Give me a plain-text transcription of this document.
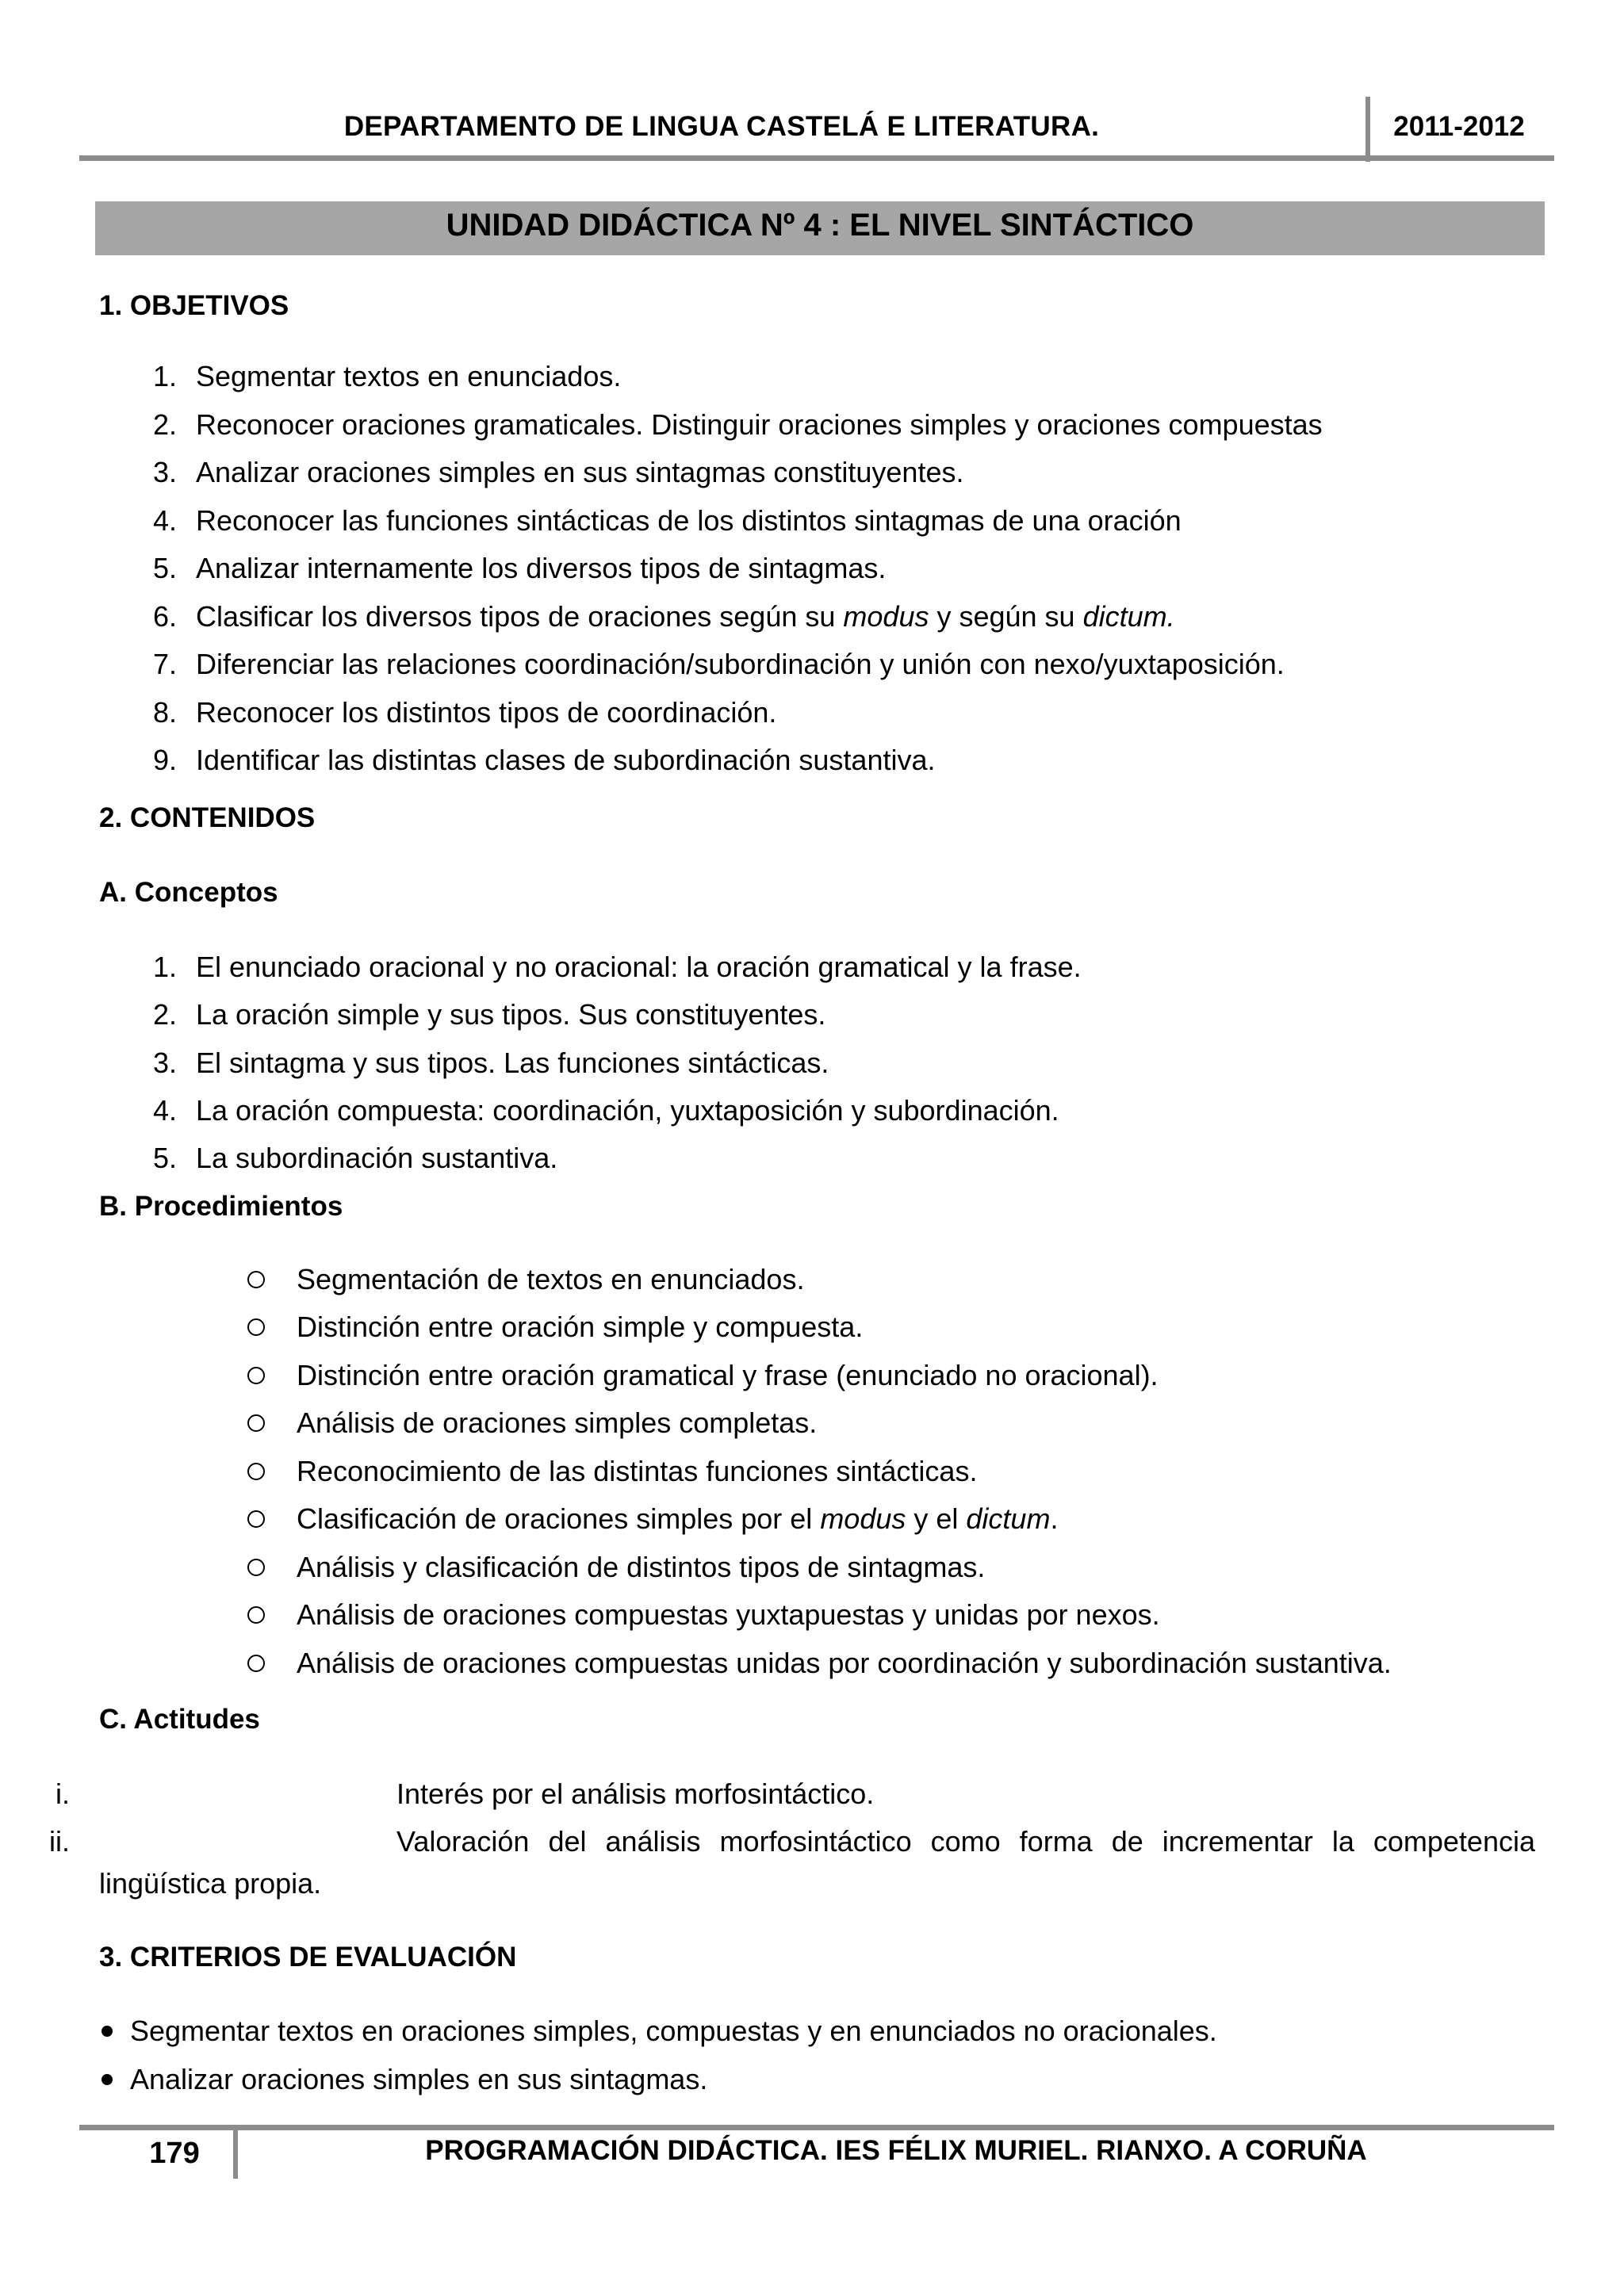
DEPARTAMENTO DE LINGUA CASTELÁ E LITERATURA.	2011-2012
UNIDAD DIDÁCTICA Nº 4 : EL NIVEL SINTÁCTICO
1. OBJETIVOS
1. Segmentar textos en enunciados.
2. Reconocer oraciones gramaticales. Distinguir oraciones simples y oraciones compuestas
3. Analizar oraciones simples en sus sintagmas constituyentes.
4. Reconocer las funciones sintácticas de los distintos sintagmas de una oración
5. Analizar internamente los diversos tipos de sintagmas.
6. Clasificar los diversos tipos de oraciones según su modus y según su dictum.
7. Diferenciar las relaciones coordinación/subordinación y unión con nexo/yuxtaposición.
8. Reconocer los distintos tipos de coordinación.
9. Identificar las distintas clases de subordinación sustantiva.
2. CONTENIDOS
A. Conceptos
1. El enunciado oracional y no oracional: la oración gramatical y la frase.
2. La oración simple y sus tipos. Sus constituyentes.
3. El sintagma y sus tipos. Las funciones sintácticas.
4. La oración compuesta: coordinación, yuxtaposición y subordinación.
5. La subordinación sustantiva.
B. Procedimientos
Segmentación de textos en enunciados.
Distinción entre oración simple y compuesta.
Distinción entre oración gramatical y frase (enunciado no oracional).
Análisis de oraciones simples completas.
Reconocimiento de las distintas funciones sintácticas.
Clasificación de oraciones simples por el modus y el dictum.
Análisis y clasificación de distintos tipos de sintagmas.
Análisis de oraciones compuestas yuxtapuestas y unidas por nexos.
Análisis de oraciones compuestas unidas por coordinación y subordinación sustantiva.
C. Actitudes
i.	Interés por el análisis morfosintáctico.
ii.	Valoración del análisis morfosintáctico como forma de incrementar la competencia
lingüística propia.
3. CRITERIOS DE EVALUACIÓN
Segmentar textos en oraciones simples, compuestas y en enunciados no oracionales.
Analizar oraciones simples en sus sintagmas.
179	PROGRAMACIÓN DIDÁCTICA. IES FÉLIX MURIEL. RIANXO. A CORUÑA
